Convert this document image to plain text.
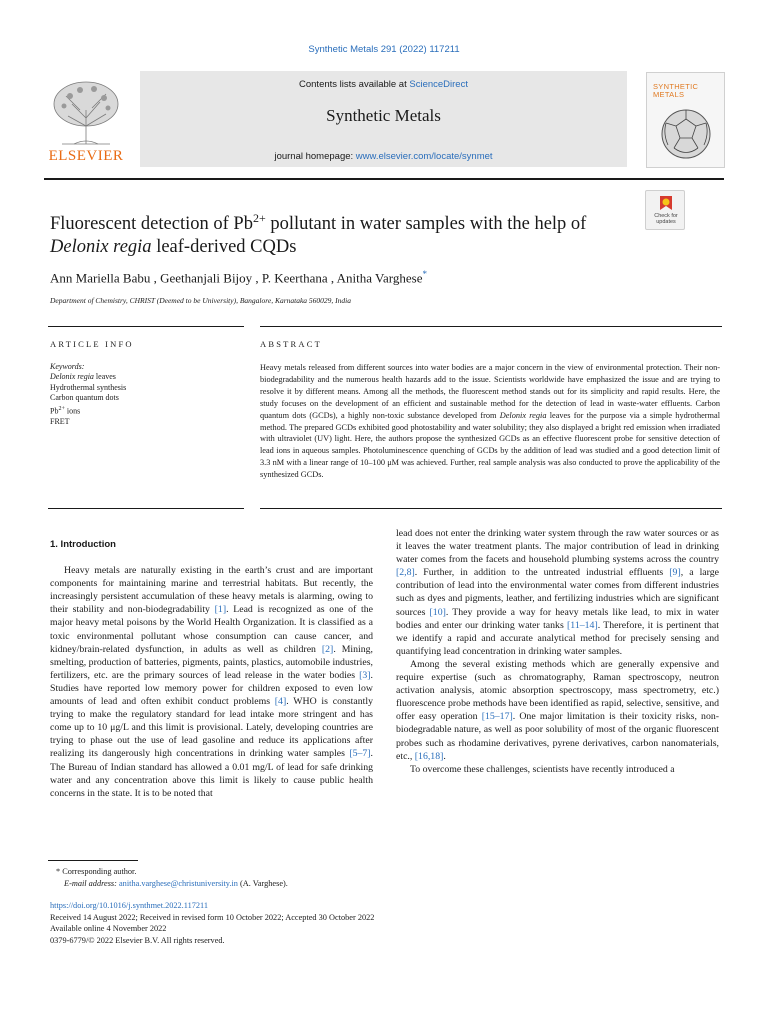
Synthetic Metals 291 (2022) 117211
Contents lists available at ScienceDirect
Synthetic Metals
journal homepage: www.elsevier.com/locate/synmet
ELSEVIER
SYNTHETIC
METALS
Check for
updates
Fluorescent detection of $Pb^{2+}$ pollutant in water samples with the help of Delonix regia leaf-derived CQDs
Ann Mariella Babu , Geethanjali Bijoy , P. Keerthana , Anitha Varghese*
Department of Chemistry, CHRIST (Deemed to be University), Bangalore, Karnataka 560029, India
ARTICLE INFO	ABSTRACT
Keywords:
Delonix regia leaves
Hydrothermal synthesis
Carbon quantum dots
$Pb^{2+}$ ions
FRET
Heavy metals released from different sources into water bodies are a major concern in the view of environmental protection. Their non-biodegradability and the numerous health hazards add to the issue. Scientists worldwide have emphasized the issue and are trying to resolve it by different means. Among all the methods, the fluorescent method stands out for its simplicity and rapid results. Here, the study focuses on the development of an efficient and sustainable method for the detection of lead in waste-water effluents. Carbon quantum dots (GCDs), a highly non-toxic substance developed from Delonix regia leaves for the purpose via a simple hydrothermal method. The prepared GCDs exhibited good photostability and water solubility; they also displayed a bright red emission when irradiated with ultraviolet (UV) light. Here, the authors propose the synthesized GCDs as an effective fluorescent probe for sensitive detection of lead ions in aqueous samples. Photoluminescence quenching of GCDs by the addition of lead was studied and a good detection limit of 3.3 nM with a linear range of 10–100 μM was achieved. Further, real sample analysis was also conducted to prove the applicability of the synthesized GCDs.

1. Introduction

Heavy metals are naturally existing in the earth’s crust and are important components for maintaining marine and terrestrial habitats. But recently, the increasingly persistent accumulation of these heavy metals is alarming, owing to their stability and non-biodegradability [1]. Lead is recognized as one of the major heavy metal poisons by the World Health Organization. It is classified as a toxic environmental pollutant whose consumption can cause cancer, and kidney/brain-related dysfunction, in adults as well as children [2]. Mining, smelting, production of batteries, pigments, paints, plastics, automobile industries, fertilizers, etc. are the primary sources of lead release in the water bodies [3]. Studies have reported low memory power for children exposed to even low amounts of lead and often exhibit conduct problems [4]. WHO is constantly trying to make the regulatory standard for lead intake more stringent and has come up to 10 μg/L and this limit is provisional. Lately, developing countries are trying to phase out the use of lead gasoline and reduce its applications after realizing its dangerously high concentrations in drinking water samples [5–7]. The Bureau of Indian standard has allowed a 0.01 mg/L of lead for safe drinking water and any concentration above this limit is likely to cause public health concerns in the state. It is to be noted that

lead does not enter the drinking water system through the raw water sources or as it leaves the water treatment plants. The major contribution of lead in drinking water comes from the facets and household plumbing systems across the country [2,8]. Further, in addition to the untreated industrial effluents [9], a large contribution of lead into the environmental water comes from different industries such as dyes and pigments, leather, and fertilizing industries which are significant sources [10]. They provide a way for heavy metals like lead, to mix in water bodies and enter our drinking water tanks [11–14]. Therefore, it is pertinent that we identify a rapid and accurate analytical method for precisely sensing and quantifying lead concentration in drinking water samples.

Among the several existing methods which are generally expensive and require expertise (such as chromatography, Raman spectroscopy, neutron activation analysis, atomic absorption spectroscopy, mass spectrometry, etc.) fluorescence probe methods have been identified as rapid, selective, sensitive, and offer easy operation [15–17]. One major limitation is their toxicity risks, non-biodegradable nature, as well as poor solubility of most of the organic fluorescent probes such as rhodamine derivatives, pyrene derivatives, carbon nanomaterials, etc., [16,18].

To overcome these challenges, scientists have recently introduced a

* Corresponding author.
E-mail address: anitha.varghese@christuniversity.in (A. Varghese).
https://doi.org/10.1016/j.synthmet.2022.117211
Received 14 August 2022; Received in revised form 10 October 2022; Accepted 30 October 2022
Available online 4 November 2022
0379-6779/© 2022 Elsevier B.V. All rights reserved.
